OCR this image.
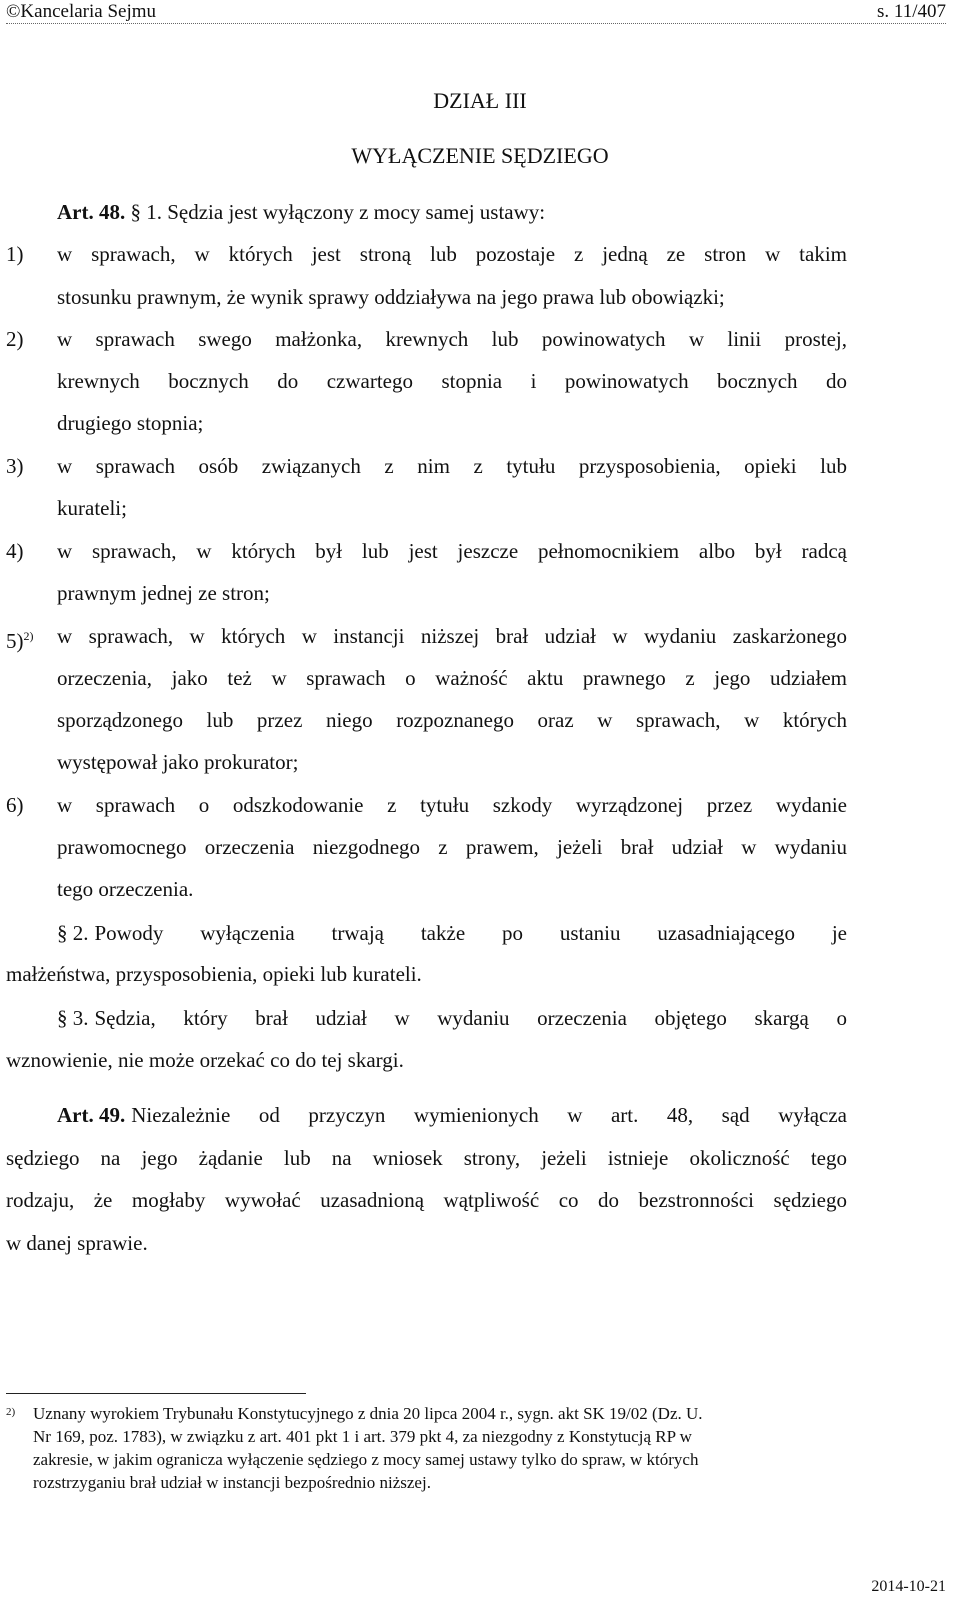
©Kancelaria Sejmu	s. 11/407
DZIAŁ III
WYŁĄCZENIE SĘDZIEGO
Art. 48. § 1. Sędzia jest wyłączony z mocy samej ustawy:
1) w sprawach, w których jest stroną lub pozostaje z jedną ze stron w takim
stosunku prawnym, że wynik sprawy oddziaływa na jego prawa lub obowiązki;
2) w sprawach swego małżonka, krewnych lub powinowatych w linii prostej,
krewnych bocznych do czwartego stopnia i powinowatych bocznych do
drugiego stopnia;
3) w sprawach osób związanych z nim z tytułu przysposobienia, opieki lub
kurateli;
4) w sprawach, w których był lub jest jeszcze pełnomocnikiem albo był radcą
prawnym jednej ze stron;
5)$^{2)}$ w sprawach, w których w instancji niższej brał udział w wydaniu zaskarżonego
orzeczenia, jako też w sprawach o ważność aktu prawnego z jego udziałem
sporządzonego lub przez niego rozpoznanego oraz w sprawach, w których
występował jako prokurator;
6) w sprawach o odszkodowanie z tytułu szkody wyrządzonej przez wydanie
prawomocnego orzeczenia niezgodnego z prawem, jeżeli brał udział w wydaniu
tego orzeczenia.
§ 2. Powody wyłączenia trwają także po ustaniu uzasadniającego je
małżeństwa, przysposobienia, opieki lub kurateli.
§ 3. Sędzia, który brał udział w wydaniu orzeczenia objętego skargą o
wznowienie, nie może orzekać co do tej skargi.
Art. 49. Niezależnie od przyczyn wymienionych w art. 48, sąd wyłącza
sędziego na jego żądanie lub na wniosek strony, jeżeli istnieje okoliczność tego
rodzaju, że mogłaby wywołać uzasadnioną wątpliwość co do bezstronności sędziego
w danej sprawie.
$^{2)}$ Uznany wyrokiem Trybunału Konstytucyjnego z dnia 20 lipca 2004 r., sygn. akt SK 19/02 (Dz. U.
Nr 169, poz. 1783), w związku z art. 401 pkt 1 i art. 379 pkt 4, za niezgodny z Konstytucją RP w
zakresie, w jakim ogranicza wyłączenie sędziego z mocy samej ustawy tylko do spraw, w których
rozstrzyganiu brał udział w instancji bezpośrednio niższej.
2014-10-21
